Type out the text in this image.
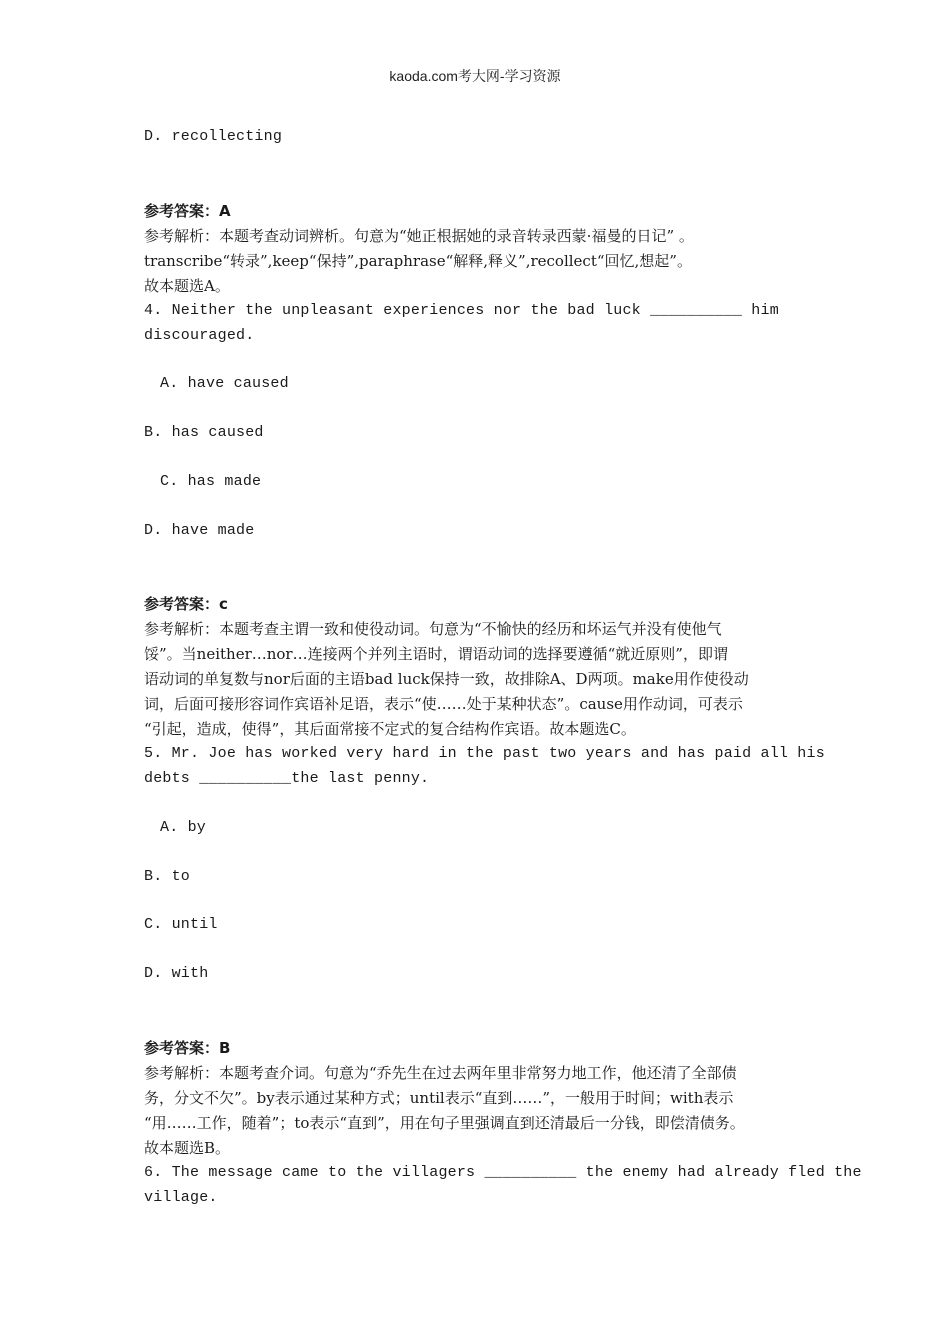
kaoda.com考大网-学习资源
D. recollecting
参考答案：A
参考解析：本题考查动词辨析。句意为“她正根据她的录音转录西蒙·福曼的日记” 。
transcribe“转录”,keep“保持”,paraphrase“解释,释义”,recollect“回忆,想起”。
故本题选A。
4. Neither the unpleasant experiences nor the bad luck __________ him
discouraged.
A. have caused
B. has caused
C. has made
D. have made
参考答案：c
参考解析：本题考查主谓一致和使役动词。句意为“不愉快的经历和坏运气并没有使他气
馁”。当neither…nor…连接两个并列主语时，谓语动词的选择要遵循“就近原则”，即谓
语动词的单复数与nor后面的主语bad luck保持一致，故排除A、D两项。make用作使役动
词，后面可接形容词作宾语补足语，表示“使……处于某种状态”。cause用作动词，可表示
“引起，造成，使得”，其后面常接不定式的复合结构作宾语。故本题选C。
5. Mr. Joe has worked very hard in the past two years and has paid all his
debts __________the last penny.
A. by
B. to
C. until
D. with
参考答案：B
参考解析：本题考查介词。句意为“乔先生在过去两年里非常努力地工作，他还清了全部债
务，分文不欠”。by表示通过某种方式；until表示“直到……”，一般用于时间；with表示
“用……工作，随着”；to表示“直到”，用在句子里强调直到还清最后一分钱，即偿清债务。
故本题选B。
6. The message came to the villagers __________ the enemy had already fled the
village.
